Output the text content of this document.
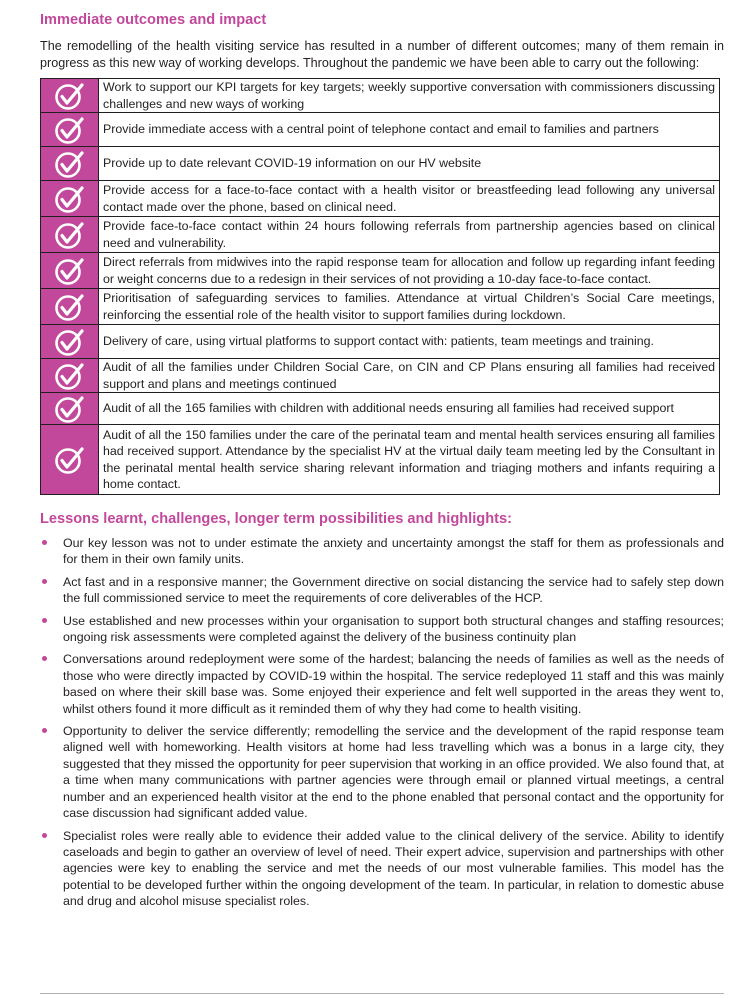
Immediate outcomes and impact

The remodelling of the health visiting service has resulted in a number of different outcomes; many of them remain in progress as this new way of working develops. Throughout the pandemic we have been able to carry out the following:

	Work to support our KPI targets for key targets; weekly supportive conversation with commissioners discussing challenges and new ways of working

	Provide immediate access with a central point of telephone contact and email to families and partners

	Provide up to date relevant COVID-19 information on our HV website

	Provide access for a face-to-face contact with a health visitor or breastfeeding lead following any universal contact made over the phone, based on clinical need.

	Provide face-to-face contact within 24 hours following referrals from partnership agencies based on clinical need and vulnerability.

	Direct referrals from midwives into the rapid response team for allocation and follow up regarding infant feeding or weight concerns due to a redesign in their services of not providing a 10-day face-to-face contact.

	Prioritisation of safeguarding services to families. Attendance at virtual Children’s Social Care meetings, reinforcing the essential role of the health visitor to support families during lockdown.

	Delivery of care, using virtual platforms to support contact with: patients, team meetings and training.

	Audit of all the families under Children Social Care, on CIN and CP Plans ensuring all families had received support and plans and meetings continued

	Audit of all the 165 families with children with additional needs ensuring all families had received support

	Audit of all the 150 families under the care of the perinatal team and mental health services ensuring all families had received support. Attendance by the specialist HV at the virtual daily team meeting led by the Consultant in the perinatal mental health service sharing relevant information and triaging mothers and infants requiring a home contact.
Lessons learnt, challenges, longer term possibilities and highlights:
Our key lesson was not to under estimate the anxiety and uncertainty amongst the staff for them as professionals and for them in their own family units.
Act fast and in a responsive manner; the Government directive on social distancing the service had to safely step down the full commissioned service to meet the requirements of core deliverables of the HCP.
Use established and new processes within your organisation to support both structural changes and staffing resources; ongoing risk assessments were completed against the delivery of the business continuity plan
Conversations around redeployment were some of the hardest; balancing the needs of families as well as the needs of those who were directly impacted by COVID-19 within the hospital. The service redeployed 11 staff and this was mainly based on where their skill base was. Some enjoyed their experience and felt well supported in the areas they went to, whilst others found it more difficult as it reminded them of why they had come to health visiting.
Opportunity to deliver the service differently; remodelling the service and the development of the rapid response team aligned well with homeworking. Health visitors at home had less travelling which was a bonus in a large city, they suggested that they missed the opportunity for peer supervision that working in an office provided. We also found that, at a time when many communications with partner agencies were through email or planned virtual meetings, a central number and an experienced health visitor at the end to the phone enabled that personal contact and the opportunity for case discussion had significant added value.
Specialist roles were really able to evidence their added value to the clinical delivery of the service. Ability to identify caseloads and begin to gather an overview of level of need. Their expert advice, supervision and partnerships with other agencies were key to enabling the service and met the needs of our most vulnerable families. This model has the potential to be developed further within the ongoing development of the team. In particular, in relation to domestic abuse and drug and alcohol misuse specialist roles.
